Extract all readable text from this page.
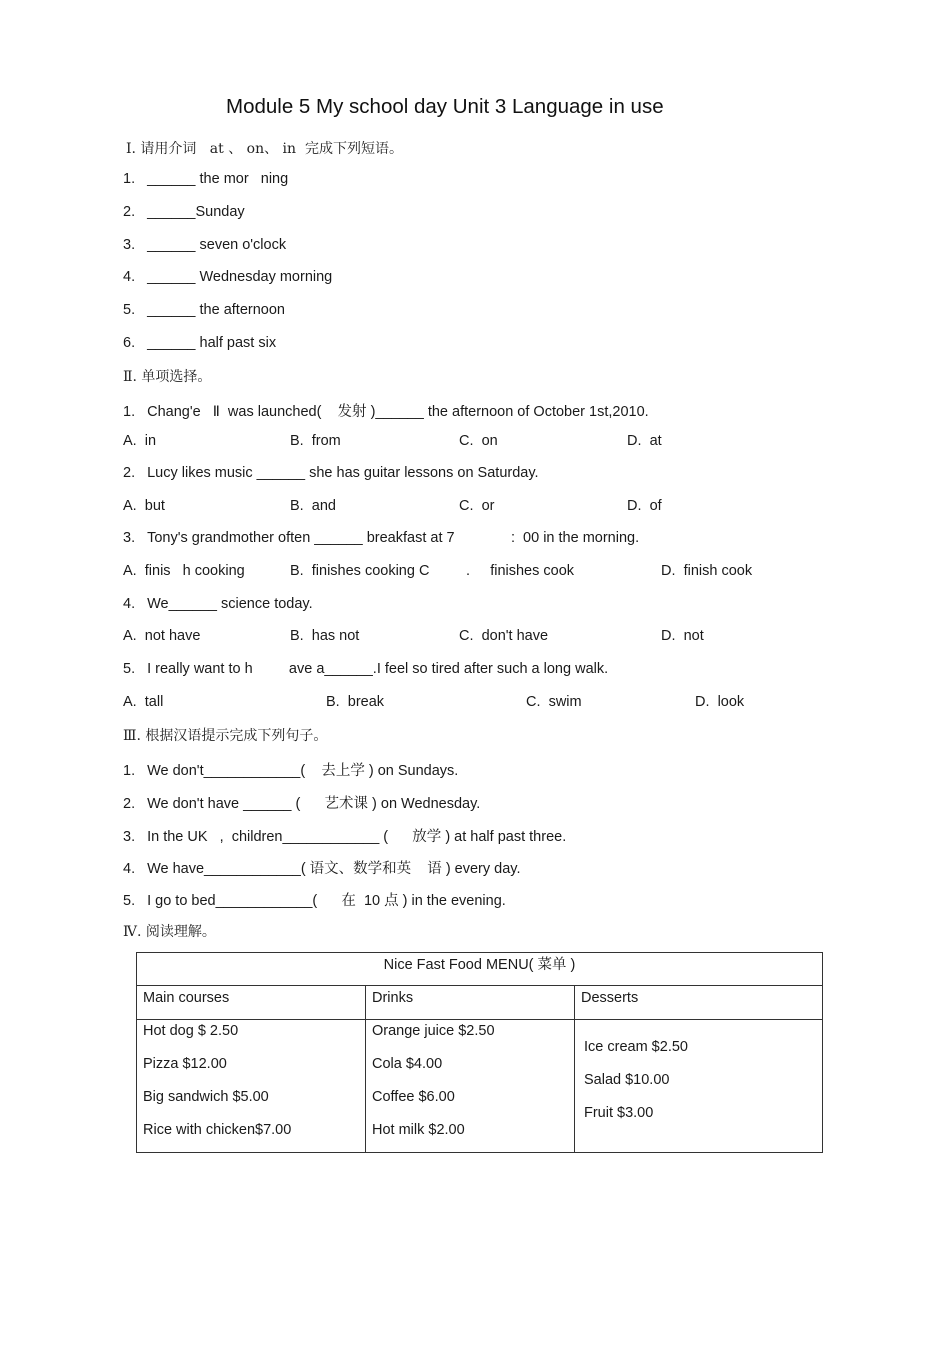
Module 5 My school day Unit 3 Language in use
Ⅰ. 请用介词   at 、 on、 in  完成下列短语。
1. ______ the mor   ning
2. ______Sunday
3. ______ seven o'clock
4. ______ Wednesday morning
5. ______ the afternoon
6. ______ half past six
Ⅱ. 单项选择。
1. Chang'e   Ⅱ  was launched(    发射 )______ the afternoon of October 1st,2010.
A. in	B. from	C. on	D. at
2. Lucy likes music ______ she has guitar lessons on Saturday.
A. but	B. and	C. or	D. of
3. Tony's grandmother often ______ breakfast at 7              :  00 in the morning.
A. finis   h cooking	B. finishes cooking C	. finishes cook	D. finish cook
4. We______ science today.
A. not have	B. has not	C. don't have	D. not
5. I really want to h         ave a______.I feel so tired after such a long walk.
A. tall	B. break	C. swim	D. look
Ⅲ. 根据汉语提示完成下列句子。
1. We don't____________(    去上学 ) on Sundays.
2. We don't have ______ (      艺术课 ) on Wednesday.
3. In the UK   ,  children____________ (      放学 ) at half past three.
4. We have____________( 语文、数学和英    语 ) every day.
5. I go to bed____________(      在  10 点 ) in the evening.
Ⅳ. 阅读理解。
Nice Fast Food MENU( 菜单 )		
Main courses	Drinks	Desserts

Hot dog $ 2.50
Pizza $12.00
Big sandwich $5.00
Rice with chicken$7.00

Orange juice $2.50
Cola $4.00
Coffee $6.00
Hot milk $2.00

Ice cream $2.50
Salad $10.00
Fruit $3.00
